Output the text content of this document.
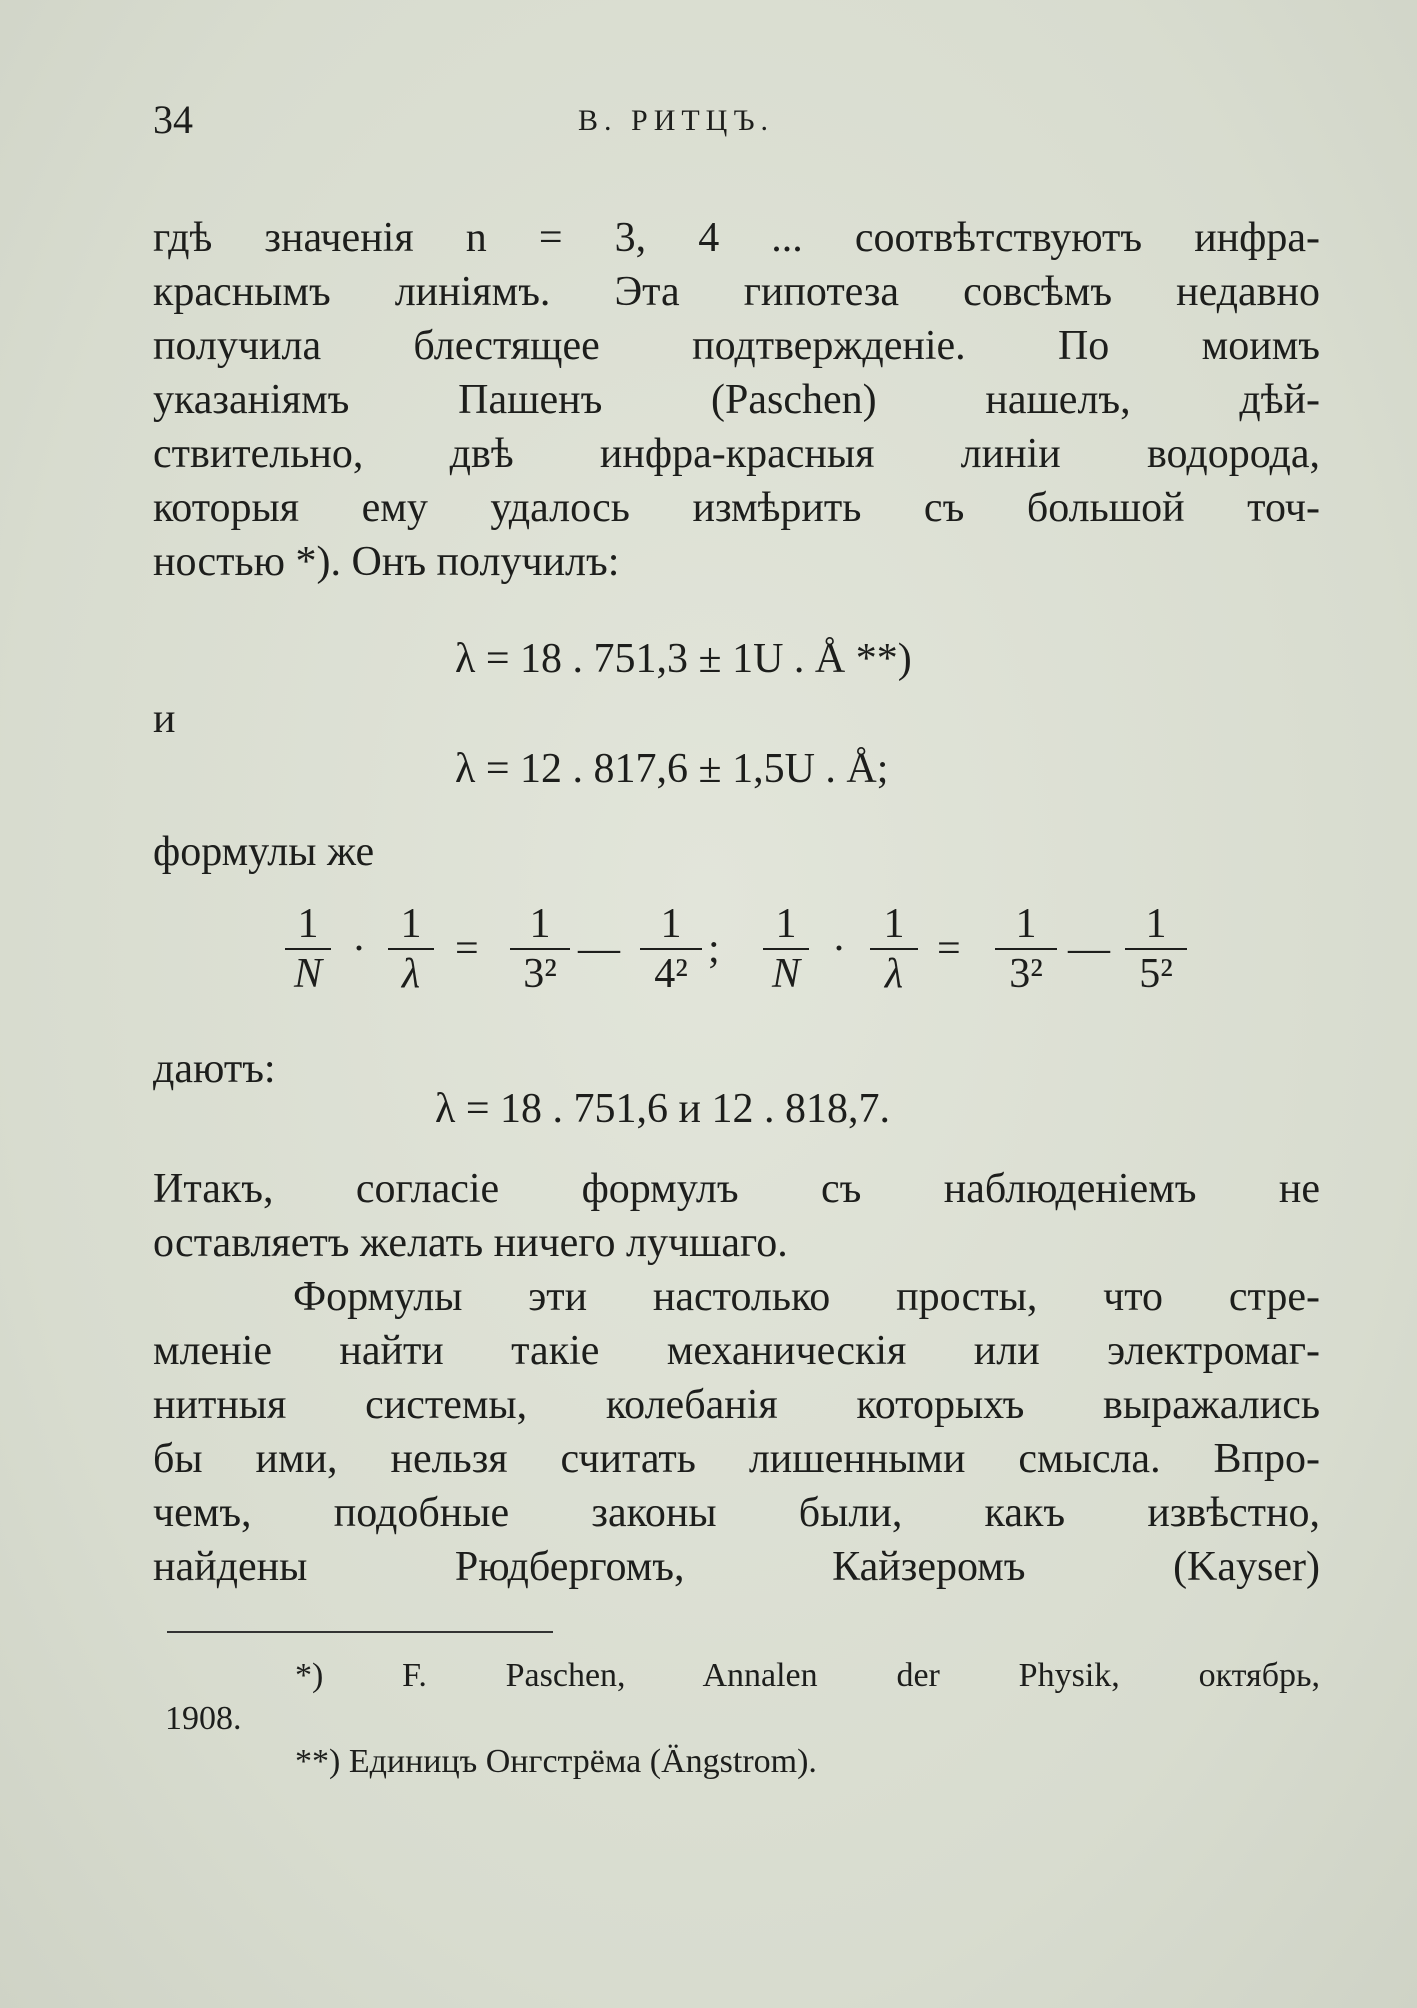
34	В. РИТЦЪ.
гдѣ значенія n = 3, 4 ... соотвѣтствуютъ инфра-
краснымъ линіямъ. Эта гипотеза совсѣмъ недавно
получила блестящее подтвержденіе. По моимъ
указаніямъ Пашенъ (Paschen) нашелъ, дѣй-
ствительно, двѣ инфра-красныя линіи водорода,
которыя ему удалось измѣрить съ большой точ-
ностью *). Онъ получилъ:
λ = 18 . 751,3 ± 1U . Å **)
и
λ = 12 . 817,6 ± 1,5U . Å;
формулы же
1
N
·
1
λ
=
1
3²
—
1
4²
;
1
N
·
1
λ
=
1
3²
—
1
5²
даютъ:
λ = 18 . 751,6 и 12 . 818,7.
Итакъ, согласіе формулъ съ наблюденіемъ не
оставляетъ желать ничего лучшаго.
Формулы эти настолько просты, что стре-
мленіе найти такіе механическія или электромаг-
нитныя системы, колебанія которыхъ выражались
бы ими, нельзя считать лишенными смысла. Впро-
чемъ, подобные законы были, какъ извѣстно,
найдены Рюдбергомъ, Кайзеромъ (Kayser)
*) F. Paschen, Annalen der Physik, октябрь,
1908.
**) Единицъ Онгстрёма (Ängstrom).
